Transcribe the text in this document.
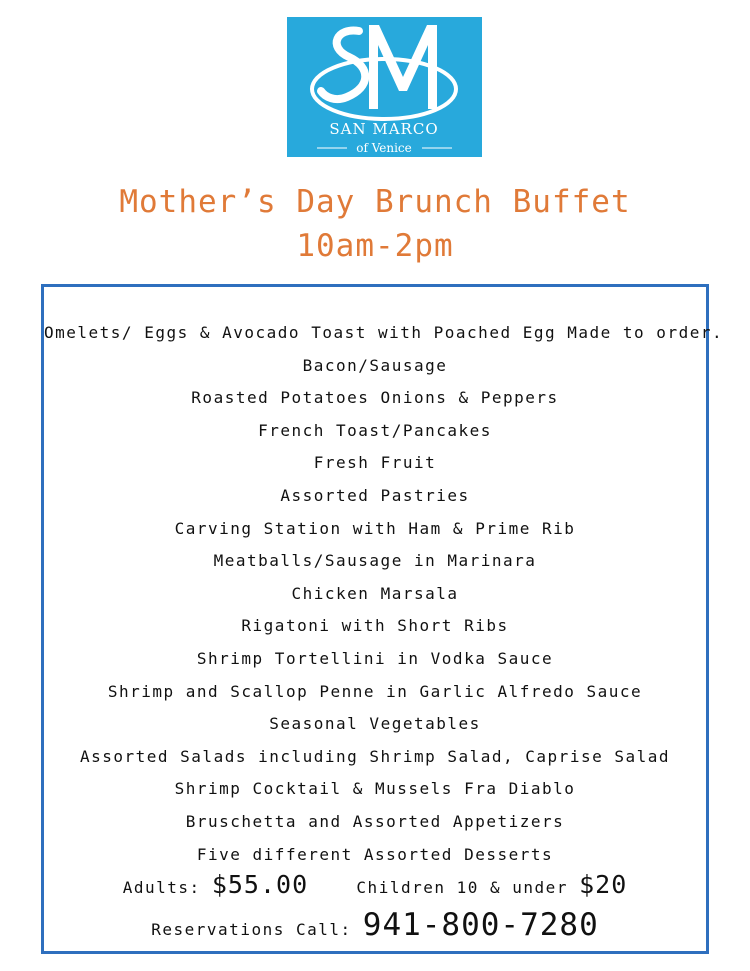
SAN MARCO
of Venice
Mother’s Day Brunch Buffet
10am-2pm
Omelets/ Eggs & Avocado Toast with Poached Egg Made to order.
Bacon/Sausage
Roasted Potatoes Onions & Peppers
French Toast/Pancakes
Fresh Fruit
Assorted Pastries
Carving Station with Ham & Prime Rib
Meatballs/Sausage in Marinara
Chicken Marsala
Rigatoni with Short Ribs
Shrimp Tortellini in Vodka Sauce
Shrimp and Scallop Penne in Garlic Alfredo Sauce
Seasonal Vegetables
Assorted Salads including Shrimp Salad, Caprise Salad
Shrimp Cocktail & Mussels Fra Diablo
Bruschetta and Assorted Appetizers
Five different Assorted Desserts
Adults: $55.00	Children 10 & under $20
Reservations Call: 941-800-7280
